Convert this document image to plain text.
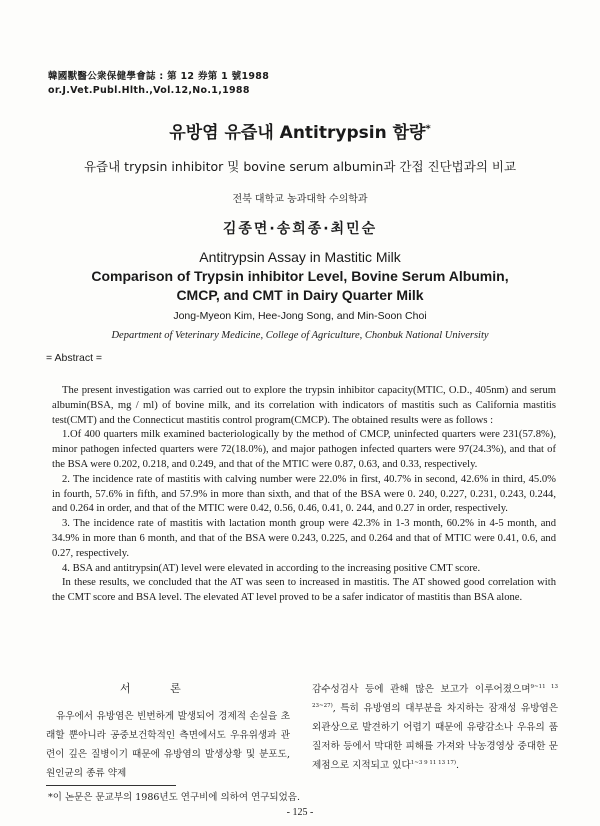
韓國獸醫公衆保健學會誌 : 第 12 券第 1 號1988
or.J.Vet.Publ.Hlth.,Vol.12,No.1,1988
유방염 유즙내 Antitrypsin 함량*
유즙내 trypsin inhibitor 및 bovine serum albumin과 간접 진단법과의 비교
전북 대학교 농과대학 수의학과
김종면·송희종·최민순
Antitrypsin Assay in Mastitic Milk
Comparison of Trypsin inhibitor Level, Bovine Serum Albumin,
CMCP, and CMT in Dairy Quarter Milk
Jong-Myeon Kim, Hee-Jong Song, and Min-Soon Choi
Department of Veterinary Medicine, College of Agriculture, Chonbuk National University
= Abstract =

The present investigation was carried out to explore the trypsin inhibitor capacity(MTIC, O.D., 405nm) and serum albumin(BSA, mg / ml) of bovine milk, and its correlation with indicators of mastitis such as California mastitis test(CMT) and the Connecticut mastitis control program(CMCP). The obtained results were as follows :

1.Of 400 quarters milk examined bacteriologically by the method of CMCP, uninfected quarters were 231(57.8%), minor pathogen infected quarters were 72(18.0%), and major pathogen infected quarters were 97(24.3%), and that of the BSA were 0.202, 0.218, and 0.249, and that of the MTIC were 0.87, 0.63, and 0.33, respectively.

2. The incidence rate of mastitis with calving number were 22.0% in first, 40.7% in second, 42.6% in third, 45.0% in fourth, 57.6% in fifth, and 57.9% in more than sixth, and that of the BSA were 0. 240, 0.227, 0.231, 0.243, 0.244, and 0.264 in order, and that of the MTIC were 0.42, 0.56, 0.46, 0.41, 0. 244, and 0.27 in order, respectively.

3. The incidence rate of mastitis with lactation month group were 42.3% in 1-3 month, 60.2% in 4-5 month, and 34.9% in more than 6 month, and that of the BSA were 0.243, 0.225, and 0.264 and that of MTIC were 0.41, 0.6, and 0.27, respectively.

4. BSA and antitrypsin(AT) level were elevated in according to the increasing positive CMT score.

In these results, we concluded that the AT was seen to increased in mastitis. The AT showed good correlation with the CMT score and BSA level. The elevated AT level proved to be a safer indicator of mastitis than BSA alone.

서 론

유우에서 유방염은 빈번하게 발생되어 경제적 손실을 초래할 뿐아니라 공중보건학적인 측면에서도 우유위생과 관련이 깊은 질병이기 때문에 유방염의 발생상황 및 분포도, 원인균의 종류 약제

감수성검사 등에 관해 많은 보고가 이루어졌으며$^{9\sim 11 13 23\sim 27)}$, 특히 유방염의 대부분을 차지하는 잠재성 유방염은 외관상으로 발견하기 어렵기 때문에 유량감소나 우유의 품질저하 등에서 막대한 피해를 가져와 낙농경영상 중대한 문제점으로 지적되고 있다$^{1\sim 3 9 11 13 17)}$.

*이 논문은 문교부의 1986년도 연구비에 의하여 연구되었음.
- 125 -
